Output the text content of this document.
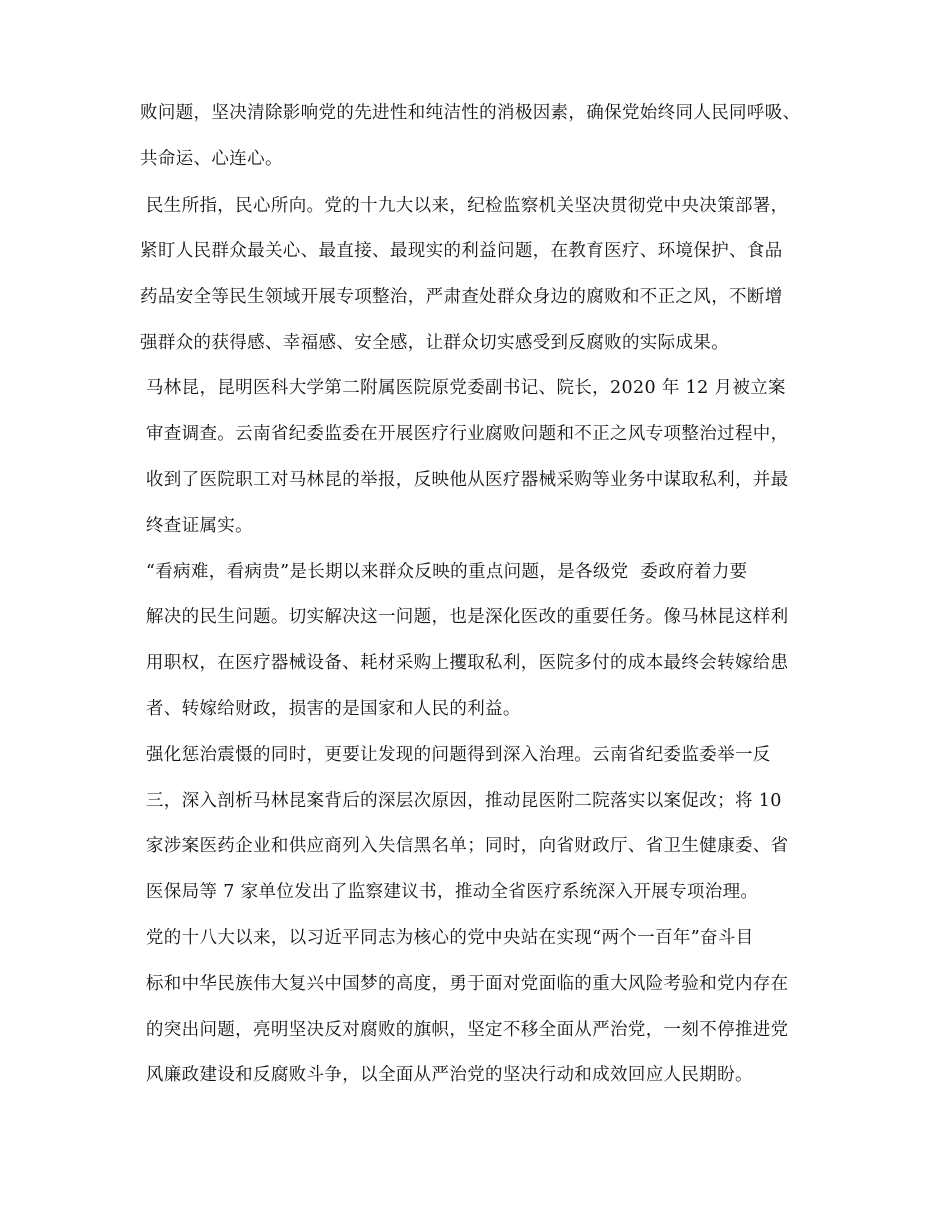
败问题，坚决清除影响党的先进性和纯洁性的消极因素，确保党始终同人民同呼吸、
共命运、心连心。
民生所指，民心所向。党的十九大以来，纪检监察机关坚决贯彻党中央决策部署，
紧盯人民群众最关心、最直接、最现实的利益问题，在教育医疗、环境保护、食品
药品安全等民生领域开展专项整治，严肃查处群众身边的腐败和不正之风，不断增
强群众的获得感、幸福感、安全感，让群众切实感受到反腐败的实际成果。
马林昆，昆明医科大学第二附属医院原党委副书记、院长，2020 年 12 月被立案
审查调查。云南省纪委监委在开展医疗行业腐败问题和不正之风专项整治过程中，
收到了医院职工对马林昆的举报，反映他从医疗器械采购等业务中谋取私利，并最
终查证属实。
“看病难，看病贵”是长期以来群众反映的重点问题，是各级党  委政府着力要
解决的民生问题。切实解决这一问题，也是深化医改的重要任务。像马林昆这样利
用职权，在医疗器械设备、耗材采购上攫取私利，医院多付的成本最终会转嫁给患
者、转嫁给财政，损害的是国家和人民的利益。
强化惩治震慑的同时，更要让发现的问题得到深入治理。云南省纪委监委举一反
三，深入剖析马林昆案背后的深层次原因，推动昆医附二院落实以案促改；将 10
家涉案医药企业和供应商列入失信黑名单；同时，向省财政厅、省卫生健康委、省
医保局等 7 家单位发出了监察建议书，推动全省医疗系统深入开展专项治理。
党的十八大以来，以习近平同志为核心的党中央站在实现“两个一百年”奋斗目
标和中华民族伟大复兴中国梦的高度，勇于面对党面临的重大风险考验和党内存在
的突出问题，亮明坚决反对腐败的旗帜，坚定不移全面从严治党，一刻不停推进党
风廉政建设和反腐败斗争，以全面从严治党的坚决行动和成效回应人民期盼。
